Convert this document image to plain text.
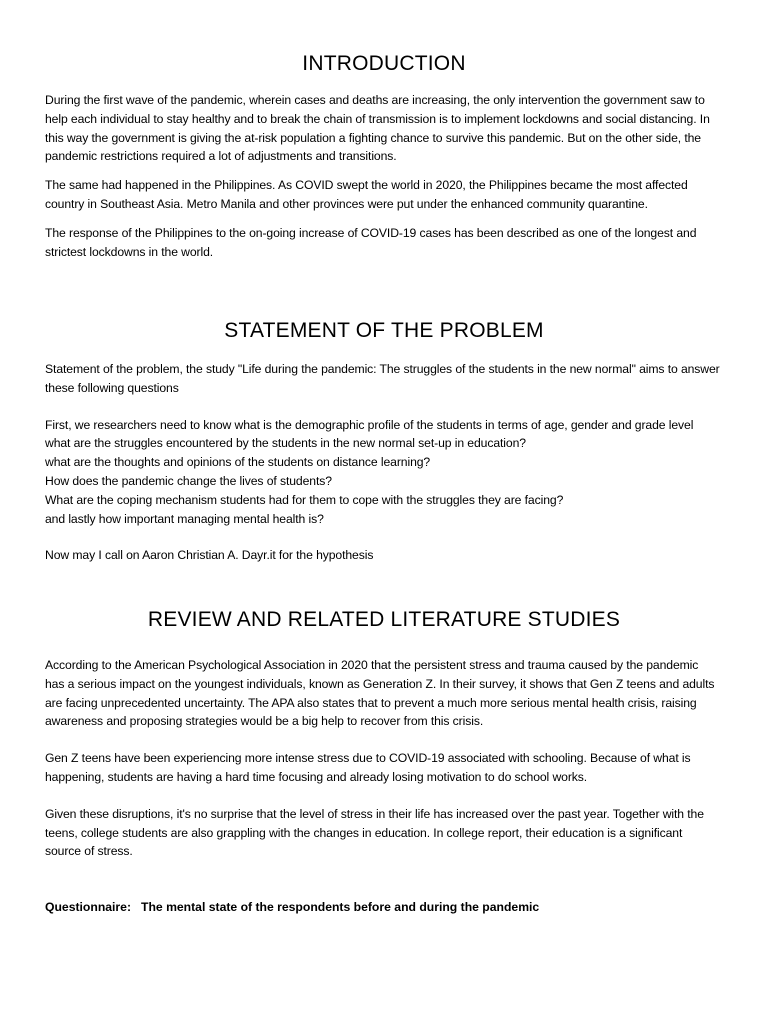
INTRODUCTION

During the first wave of the pandemic, wherein cases and deaths are increasing, the only intervention the government saw to help each individual to stay healthy and to break the chain of transmission is to implement lockdowns and social distancing. In this way the government is giving the at-risk population a fighting chance to survive this pandemic. But on the other side, the pandemic restrictions required a lot of adjustments and transitions.

The same had happened in the Philippines. As COVID swept the world in 2020, the Philippines became the most affected country in Southeast Asia. Metro Manila and other provinces were put under the enhanced community quarantine.

The response of the Philippines to the on-going increase of COVID-19 cases has been described as one of the longest and strictest lockdowns in the world.

STATEMENT OF THE PROBLEM

Statement of the problem, the study "Life during the pandemic: The struggles of the students in the new normal" aims to answer these following questions

First, we researchers need to know what is the demographic profile of the students in terms of age, gender and grade level

what are the struggles encountered by the students in the new normal set-up in education?

what are the thoughts and opinions of the students on distance learning?

How does the pandemic change the lives of students?

What are the coping mechanism students had for them to cope with the struggles they are facing?

and lastly how important managing mental health is?

Now may I call on Aaron Christian A. Dayr.it for the hypothesis

REVIEW AND RELATED LITERATURE STUDIES

According to the American Psychological Association in 2020 that the persistent stress and trauma caused by the pandemic has a serious impact on the youngest individuals, known as Generation Z. In their survey, it shows that Gen Z teens and adults are facing unprecedented uncertainty. The APA also states that to prevent a much more serious mental health crisis, raising awareness and proposing strategies would be a big help to recover from this crisis.

Gen Z teens have been experiencing more intense stress due to COVID-19 associated with schooling. Because of what is happening, students are having a hard time focusing and already losing motivation to do school works.

Given these disruptions, it's no surprise that the level of stress in their life has increased over the past year. Together with the teens, college students are also grappling with the changes in education. In college report, their education is a significant source of stress.

Questionnaire: The mental state of the respondents before and during the pandemic
